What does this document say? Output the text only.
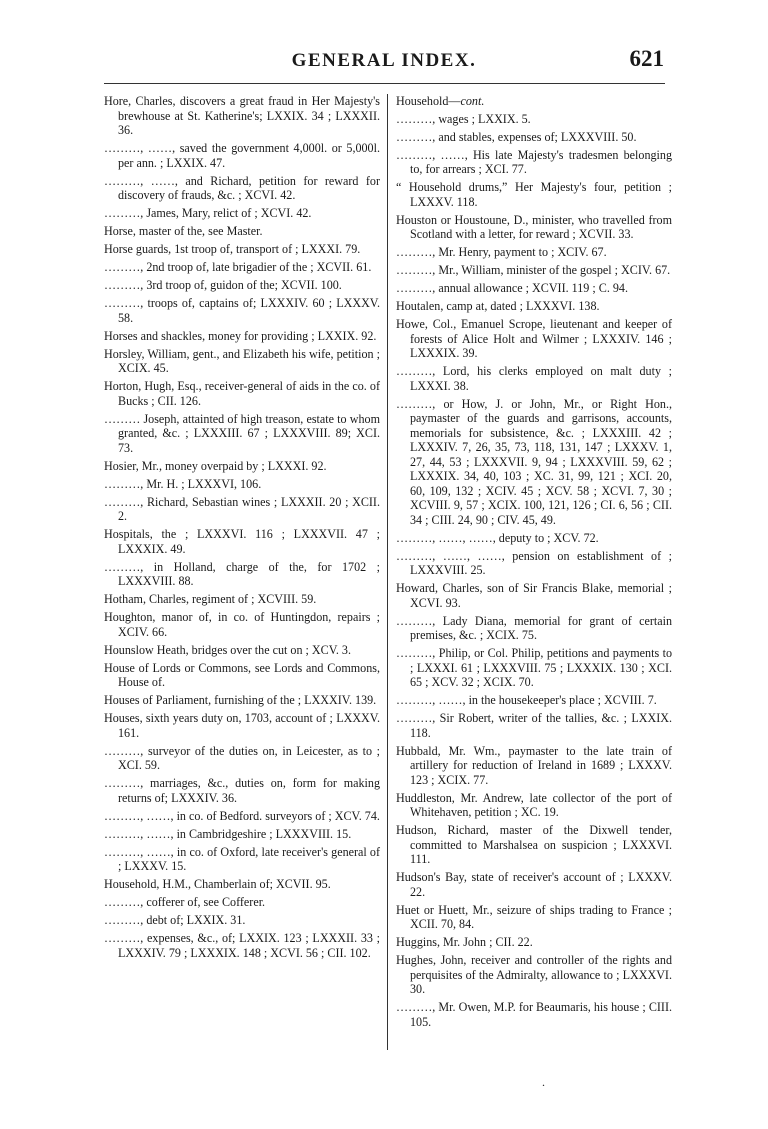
GENERAL INDEX.	621

Hore, Charles, discovers a great fraud in Her Majesty's brewhouse at St. Katherine's; LXXIX. 34 ; LXXXII. 36.

………, ……, saved the government 4,000l. or 5,000l. per ann. ; LXXIX. 47.

………, ……, and Richard, petition for reward for discovery of frauds, &c. ; XCVI. 42.

………, James, Mary, relict of ; XCVI. 42.

Horse, master of the, see Master.

Horse guards, 1st troop of, transport of ; LXXXI. 79.

………, 2nd troop of, late brigadier of the ; XCVII. 61.

………, 3rd troop of, guidon of the; XCVII. 100.

………, troops of, captains of; LXXXIV. 60 ; LXXXV. 58.

Horses and shackles, money for providing ; LXXIX. 92.

Horsley, William, gent., and Elizabeth his wife, petition ; XCIX. 45.

Horton, Hugh, Esq., receiver-general of aids in the co. of Bucks ; CII. 126.

……… Joseph, attainted of high treason, estate to whom granted, &c. ; LXXXIII. 67 ; LXXXVIII. 89; XCI. 73.

Hosier, Mr., money overpaid by ; LXXXI. 92.

………, Mr. H. ; LXXXVI, 106.

………, Richard, Sebastian wines ; LXXXII. 20 ; XCII. 2.

Hospitals, the ; LXXXVI. 116 ; LXXXVII. 47 ; LXXXIX. 49.

………, in Holland, charge of the, for 1702 ; LXXXVIII. 88.

Hotham, Charles, regiment of ; XCVIII. 59.

Houghton, manor of, in co. of Huntingdon, repairs ; XCIV. 66.

Hounslow Heath, bridges over the cut on ; XCV. 3.

House of Lords or Commons, see Lords and Commons, House of.

Houses of Parliament, furnishing of the ; LXXXIV. 139.

Houses, sixth years duty on, 1703, account of ; LXXXV. 161.

………, surveyor of the duties on, in Leicester, as to ; XCI. 59.

………, marriages, &c., duties on, form for making returns of; LXXXIV. 36.

………, ……, in co. of Bedford. surveyors of ; XCV. 74.

………, ……, in Cambridgeshire ; LXXXVIII. 15.

………, ……, in co. of Oxford, late receiver's general of ; LXXXV. 15.

Household, H.M., Chamberlain of; XCVII. 95.

………, cofferer of, see Cofferer.

………, debt of; LXXIX. 31.

………, expenses, &c., of; LXXIX. 123 ; LXXXII. 33 ; LXXXIV. 79 ; LXXXIX. 148 ; XCVI. 56 ; CII. 102.

Household—cont.

………, wages ; LXXIX. 5.

………, and stables, expenses of; LXXXVIII. 50.

………, ……, His late Majesty's tradesmen belonging to, for arrears ; XCI. 77.

“ Household drums,” Her Majesty's four, petition ; LXXXV. 118.

Houston or Houstoune, D., minister, who travelled from Scotland with a letter, for reward ; XCVII. 33.

………, Mr. Henry, payment to ; XCIV. 67.

………, Mr., William, minister of the gospel ; XCIV. 67.

………, annual allowance ; XCVII. 119 ; C. 94.

Houtalen, camp at, dated ; LXXXVI. 138.

Howe, Col., Emanuel Scrope, lieutenant and keeper of forests of Alice Holt and Wilmer ; LXXXIV. 146 ; LXXXIX. 39.

………, Lord, his clerks employed on malt duty ; LXXXI. 38.

………, or How, J. or John, Mr., or Right Hon., paymaster of the guards and garrisons, accounts, memorials for subsistence, &c. ; LXXXIII. 42 ; LXXXIV. 7, 26, 35, 73, 118, 131, 147 ; LXXXV. 1, 27, 44, 53 ; LXXXVII. 9, 94 ; LXXXVIII. 59, 62 ; LXXXIX. 34, 40, 103 ; XC. 31, 99, 121 ; XCI. 20, 60, 109, 132 ; XCIV. 45 ; XCV. 58 ; XCVI. 7, 30 ; XCVIII. 9, 57 ; XCIX. 100, 121, 126 ; CI. 6, 56 ; CII. 34 ; CIII. 24, 90 ; CIV. 45, 49.

………, ……, ……, deputy to ; XCV. 72.

………, ……, ……, pension on establishment of ; LXXXVIII. 25.

Howard, Charles, son of Sir Francis Blake, memorial ; XCVI. 93.

………, Lady Diana, memorial for grant of certain premises, &c. ; XCIX. 75.

………, Philip, or Col. Philip, petitions and payments to ; LXXXI. 61 ; LXXXVIII. 75 ; LXXXIX. 130 ; XCI. 65 ; XCV. 32 ; XCIX. 70.

………, ……, in the housekeeper's place ; XCVIII. 7.

………, Sir Robert, writer of the tallies, &c. ; LXXIX. 118.

Hubbald, Mr. Wm., paymaster to the late train of artillery for reduction of Ireland in 1689 ; LXXXV. 123 ; XCIX. 77.

Huddleston, Mr. Andrew, late collector of the port of Whitehaven, petition ; XC. 19.

Hudson, Richard, master of the Dixwell tender, committed to Marshalsea on suspicion ; LXXXVI. 111.

Hudson's Bay, state of receiver's account of ; LXXXV. 22.

Huet or Huett, Mr., seizure of ships trading to France ; XCII. 70, 84.

Huggins, Mr. John ; CII. 22.

Hughes, John, receiver and controller of the rights and perquisites of the Admiralty, allowance to ; LXXXVI. 30.

………, Mr. Owen, M.P. for Beaumaris, his house ; CIII. 105.

.
